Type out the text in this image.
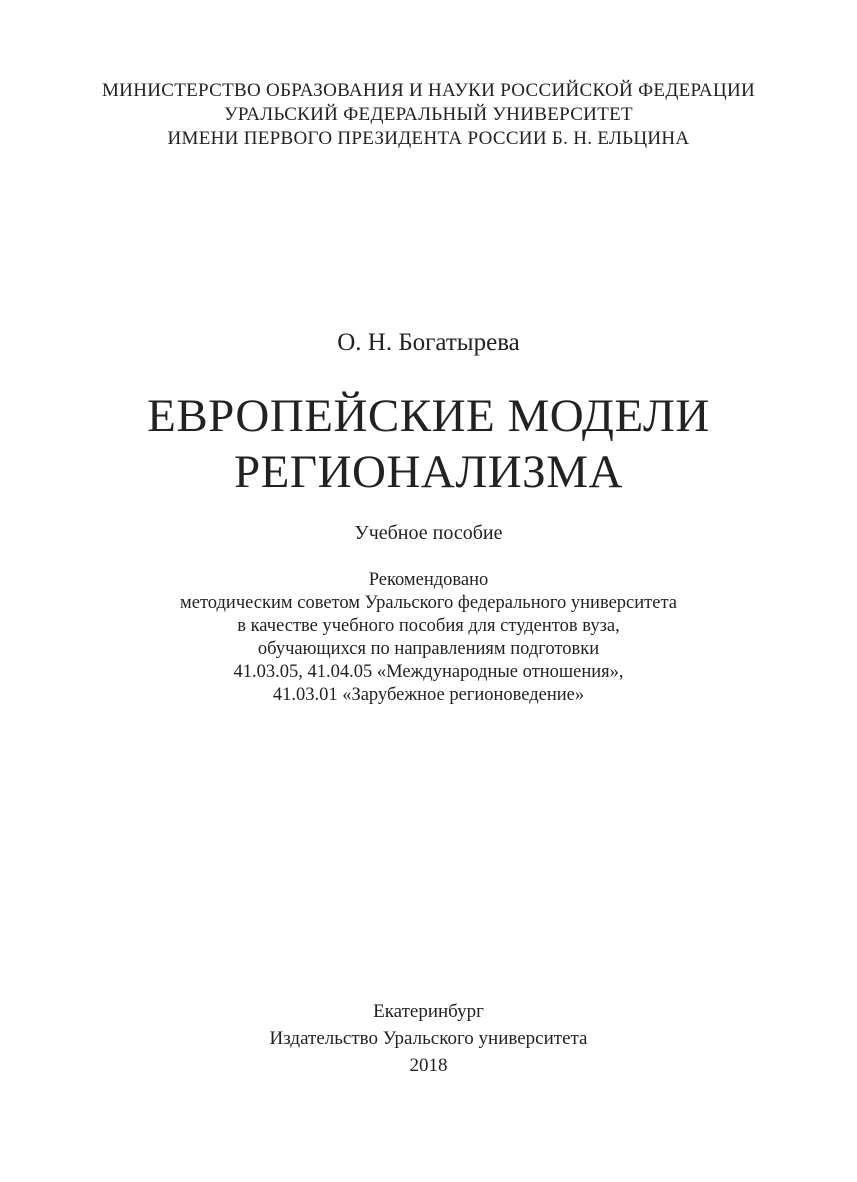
МИНИСТЕРСТВО ОБРАЗОВАНИЯ И НАУКИ РОССИЙСКОЙ ФЕДЕРАЦИИ
УРАЛЬСКИЙ ФЕДЕРАЛЬНЫЙ УНИВЕРСИТЕТ
ИМЕНИ ПЕРВОГО ПРЕЗИДЕНТА РОССИИ Б. Н. ЕЛЬЦИНА
О. Н. Богатырева
ЕВРОПЕЙСКИЕ МОДЕЛИ
РЕГИОНАЛИЗМА
Учебное пособие
Рекомендовано
методическим советом Уральского федерального университета
в качестве учебного пособия для студентов вуза,
обучающихся по направлениям подготовки
41.03.05, 41.04.05 «Международные отношения»,
41.03.01 «Зарубежное регионоведение»
Екатеринбург
Издательство Уральского университета
2018
